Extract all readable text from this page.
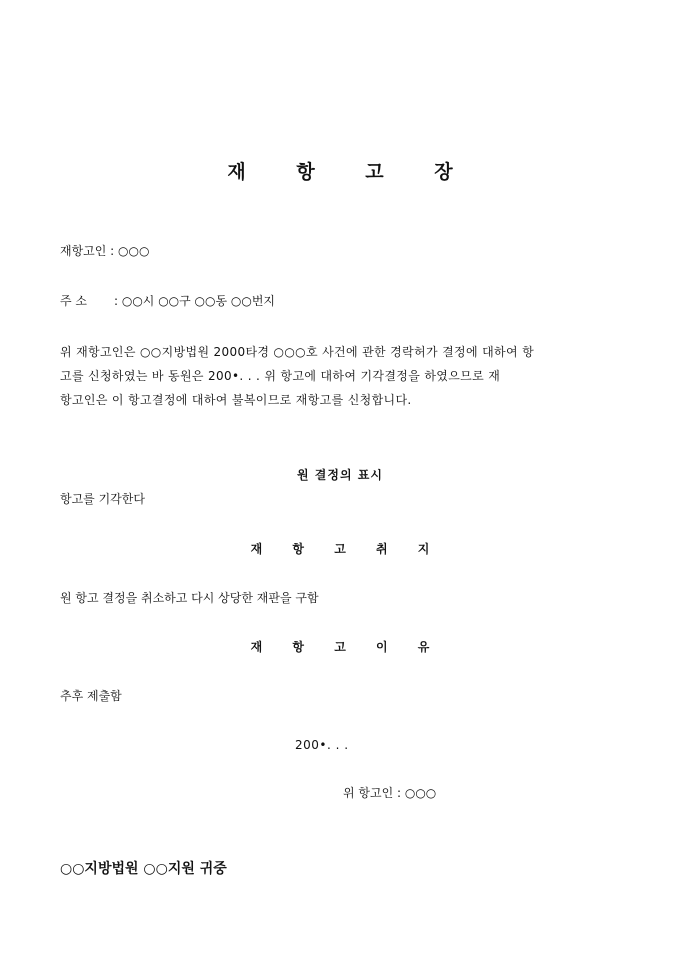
재 항 고 장
재항고인 : ○○○
주 소 : ○○시 ○○구 ○○동 ○○번지
위 재항고인은 ○○지방법원 2000타경 ○○○호 사건에 관한 경락허가 결정에 대하여 항
고를 신청하였는 바 동원은 200•. . . 위 항고에 대하여 기각결정을 하였으므로 재
항고인은 이 항고결정에 대하여 불복이므로 재항고를 신청합니다.
원 결정의 표시
항고를 기각한다
재 항 고 취 지
원 항고 결정을 취소하고 다시 상당한 재판을 구함
재 항 고 이 유
추후 제출함
200•. . .
위 항고인 : ○○○
○○지방법원 ○○지원 귀중
